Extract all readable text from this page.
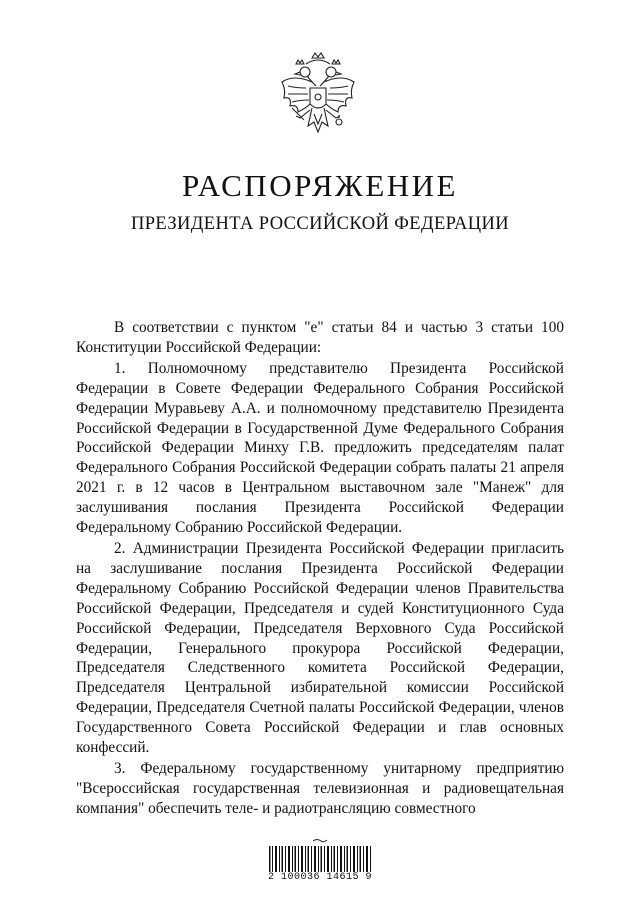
РАСПОРЯЖЕНИЕ
ПРЕЗИДЕНТА РОССИЙСКОЙ ФЕДЕРАЦИИ

В соответствии с пунктом "е" статьи 84 и частью 3 статьи 100 Конституции Российской Федерации:

1. Полномочному представителю Президента Российской Федерации в Совете Федерации Федерального Собрания Российской Федерации Муравьеву А.А. и полномочному представителю Президента Российской Федерации в Государственной Думе Федерального Собрания Российской Федерации Минху Г.В. предложить председателям палат Федерального Собрания Российской Федерации собрать палаты 21 апреля 2021 г. в 12 часов в Центральном выставочном зале "Манеж" для заслушивания послания Президента Российской Федерации Федеральному Собранию Российской Федерации.

2. Администрации Президента Российской Федерации пригласить на заслушивание послания Президента Российской Федерации Федеральному Собранию Российской Федерации членов Правительства Российской Федерации, Председателя и судей Конституционного Суда Российской Федерации, Председателя Верховного Суда Российской Федерации, Генерального прокурора Российской Федерации, Председателя Следственного комитета Российской Федерации, Председателя Центральной избирательной комиссии Российской Федерации, Председателя Счетной палаты Российской Федерации, членов Государственного Совета Российской Федерации и глав основных конфессий.

3. Федеральному государственному унитарному предприятию "Всероссийская государственная телевизионная и радиовещательная компания" обеспечить теле- и радиотрансляцию совместного

2 100036 14615 9
